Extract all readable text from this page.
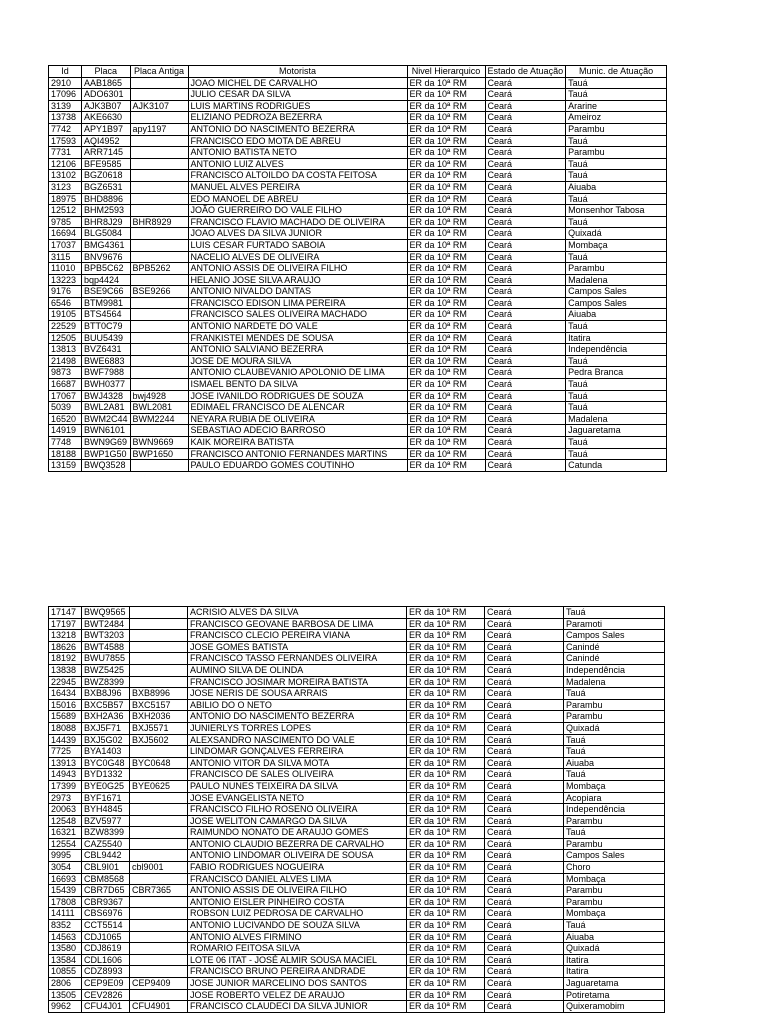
Id	Placa	Placa Antiga	Motorista	Nivel Hierarquico	Estado de Atuação	Munic. de Atuação
2910	AAB1865		JOAO MICHEL DE CARVALHO	ER da 10ª RM	Ceará	Tauá
17096	ADO6301		JULIO CESAR DA SILVA	ER da 10ª RM	Ceará	Tauá
3139	AJK3B07	AJK3107	LUIS MARTINS RODRIGUES	ER da 10ª RM	Ceará	Arariпе
13738	AKE6630		ELIZIANO PEDROZA BEZERRA	ER da 10ª RM	Ceará	Ameiroz
7742	APY1B97	apy1197	ANTONIO DO NASCIMENTO BEZERRA	ER da 10ª RM	Ceará	Parambu
17593	AQI4952		FRANCISCO EDO MOTA DE ABREU	ER da 10ª RM	Ceará	Tauá
7731	ARR7145		ANTONIO BATISTA NETO	ER da 10ª RM	Ceará	Parambu
12106	BFE9585		ANTONIO LUIZ ALVES	ER da 10ª RM	Ceará	Tauá
13102	BGZ0618		FRANCISCO ALTOILDO DA COSTA FEITOSA	ER da 10ª RM	Ceará	Tauá
3123	BGZ6531		MANUEL ALVES PEREIRA	ER da 10ª RM	Ceará	Aiuaba
18975	BHD8896		EDO MANOEL DE ABREU	ER da 10ª RM	Ceará	Tauá
12512	BHM2593		JOÃO GUERREIRO DO VALE FILHO	ER da 10ª RM	Ceará	Monsenhor Tabosa
9785	BHR8J29	BHR8929	FRANCISCO FLAVIO MACHADO DE OLIVEIRA	ER da 10ª RM	Ceará	Tauá
16694	BLG5084		JOAO ALVES DA SILVA JUNIOR	ER da 10ª RM	Ceará	Quixadá
17037	BMG4361		LUIS CESAR FURTADO SABOIA	ER da 10ª RM	Ceará	Mombaça
3115	BNV9676		NACELIO ALVES DE OLIVEIRA	ER da 10ª RM	Ceará	Tauá
11010	BPB5C62	BPB5262	ANTONIO ASSIS DE OLIVEIRA FILHO	ER da 10ª RM	Ceará	Parambu
13223	bqp4424		HELANIO JOSE SILVA ARAUJO	ER da 10ª RM	Ceará	Madalena
9176	BSE9C66	BSE9266	ANTONIO NIVALDO DANTAS	ER da 10ª RM	Ceará	Campos Sales
6546	BTM9981		FRANCISCO EDISON LIMA PEREIRA	ER da 10ª RM	Ceará	Campos Sales
19105	BTS4564		FRANCISCO SALES OLIVEIRA MACHADO	ER da 10ª RM	Ceará	Aiuaba
22529	BTT0C79		ANTONIO NARDETE DO VALE	ER da 10ª RM	Ceará	Tauá
12505	BUU5439		FRANKISTEI MENDES DE SOUSA	ER da 10ª RM	Ceará	Itatira
13813	BVZ6431		ANTONIO SALVIANO BEZERRA	ER da 10ª RM	Ceará	Independência
21498	BWE6883		JOSE DE MOURA SILVA	ER da 10ª RM	Ceará	Tauá
9873	BWF7988		ANTONIO CLAUBEVANIO APOLONIO DE LIMA	ER da 10ª RM	Ceará	Pedra Branca
16687	BWH0377		ISMAEL BENTO DA SILVA	ER da 10ª RM	Ceará	Tauá
17067	BWJ4328	bwj4928	JOSE IVANILDO RODRIGUES DE SOUZA	ER da 10ª RM	Ceará	Tauá
5039	BWL2A81	BWL2081	EDIMAEL FRANCISCO DE ALENCAR	ER da 10ª RM	Ceará	Tauá
16520	BWM2C44	BWM2244	NEYARA RUBIA DE OLIVEIRA	ER da 10ª RM	Ceará	Madalena
14919	BWN6101		SEBASTIAO ADECIO BARROSO	ER da 10ª RM	Ceará	Jaguaretama
7748	BWN9G69	BWN9669	KAIK MOREIRA BATISTA	ER da 10ª RM	Ceará	Tauá
18188	BWP1G50	BWP1650	FRANCISCO ANTONIO FERNANDES MARTINS	ER da 10ª RM	Ceará	Tauá
13159	BWQ3528		PAULO EDUARDO GOMES COUTINHO	ER da 10ª RM	Ceará	Catunda
17147	BWQ9565		ACRISIO ALVES DA SILVA	ER da 10ª RM	Ceará	Tauá
17197	BWT2484		FRANCISCO GEOVANE BARBOSA DE LIMA	ER da 10ª RM	Ceará	Paramoti
13218	BWT3203		FRANCISCO CLECIO PEREIRA VIANA	ER da 10ª RM	Ceará	Campos Sales
18626	BWT4588		JOSE GOMES BATISTA	ER da 10ª RM	Ceará	Canindé
18192	BWU7855		FRANCISCO TASSO FERNANDES OLIVEIRA	ER da 10ª RM	Ceará	Canindé
13838	BWZ5425		AUMINO SILVA DE OLINDA	ER da 10ª RM	Ceará	Independência
22945	BWZ8399		FRANCISCO JOSIMAR MOREIRA BATISTA	ER da 10ª RM	Ceará	Madalena
16434	BXB8J96	BXB8996	JOSE NERIS DE SOUSA ARRAIS	ER da 10ª RM	Ceará	Tauá
15016	BXC5B57	BXC5157	ABILIO DO O NETO	ER da 10ª RM	Ceará	Parambu
15689	BXH2A36	BXH2036	ANTONIO DO NASCIMENTO BEZERRA	ER da 10ª RM	Ceará	Parambu
18088	BXJ5F71	BXJ5571	JUNIERLYS TORRES LOPES	ER da 10ª RM	Ceará	Quixadá
14439	BXJ5G02	BXJ5602	ALEXSANDRO NASCIMENTO DO VALE	ER da 10ª RM	Ceará	Tauá
7725	BYA1403		LINDOMAR GONÇALVES FERREIRA	ER da 10ª RM	Ceará	Tauá
13913	BYC0G48	BYC0648	ANTONIO VITOR DA SILVA MOTA	ER da 10ª RM	Ceará	Aiuaba
14943	BYD1332		FRANCISCO DE SALES OLIVEIRA	ER da 10ª RM	Ceará	Tauá
17399	BYE0G25	BYE0625	PAULO NUNES TEIXEIRA DA SILVA	ER da 10ª RM	Ceará	Mombaça
2973	BYF1671		JOSE EVANGELISTA NETO	ER da 10ª RM	Ceará	Acopiara
20063	BYH4845		FRANCISCO FILHO ROSENO OLIVEIRA	ER da 10ª RM	Ceará	Independência
12548	BZV5977		JOSE WELITON CAMARGO DA SILVA	ER da 10ª RM	Ceará	Parambu
16321	BZW8399		RAIMUNDO NONATO DE ARAUJO GOMES	ER da 10ª RM	Ceará	Tauá
12554	CAZ5540		ANTONIO CLAUDIO BEZERRA DE CARVALHO	ER da 10ª RM	Ceará	Parambu
9995	CBL9442		ANTONIO LINDOMAR OLIVEIRA DE SOUSA	ER da 10ª RM	Ceará	Campos Sales
3054	CBL9I01	cbl9001	FABIO RODRIGUES NOGUEIRA	ER da 10ª RM	Ceará	Choro
16693	CBM8568		FRANCISCO DANIEL ALVES LIMA	ER da 10ª RM	Ceará	Mombaça
15439	CBR7D65	CBR7365	ANTONIO ASSIS DE OLIVEIRA FILHO	ER da 10ª RM	Ceará	Parambu
17808	CBR9367		ANTONIO EISLER PINHEIRO COSTA	ER da 10ª RM	Ceará	Parambu
14111	CBS6976		ROBSON LUIZ PEDROSA DE CARVALHO	ER da 10ª RM	Ceará	Mombaça
8352	CCT5514		ANTONIO LUCIVANDO DE SOUZA SILVA	ER da 10ª RM	Ceará	Tauá
14563	CDJ1065		ANTONIO ALVES FIRMINO	ER da 10ª RM	Ceará	Aiuaba
13580	CDJ8619		ROMARIO FEITOSA SILVA	ER da 10ª RM	Ceará	Quixadá
13584	CDL1606		LOTE 06 ITAT - JOSÉ ALMIR SOUSA MACIEL	ER da 10ª RM	Ceará	Itatira
10855	CDZ8993		FRANCISCO BRUNO PEREIRA ANDRADE	ER da 10ª RM	Ceará	Itatira
2806	CEP9E09	CEP9409	JOSE JUNIOR MARCELINO DOS SANTOS	ER da 10ª RM	Ceará	Jaguaretama
13505	CEV2826		JOSE ROBERTO VELEZ DE ARAUJO	ER da 10ª RM	Ceará	Potiretama
9962	CFU4J01	CFU4901	FRANCISCO CLAUDECI DA SILVA JUNIOR	ER da 10ª RM	Ceará	Quixeramobim
